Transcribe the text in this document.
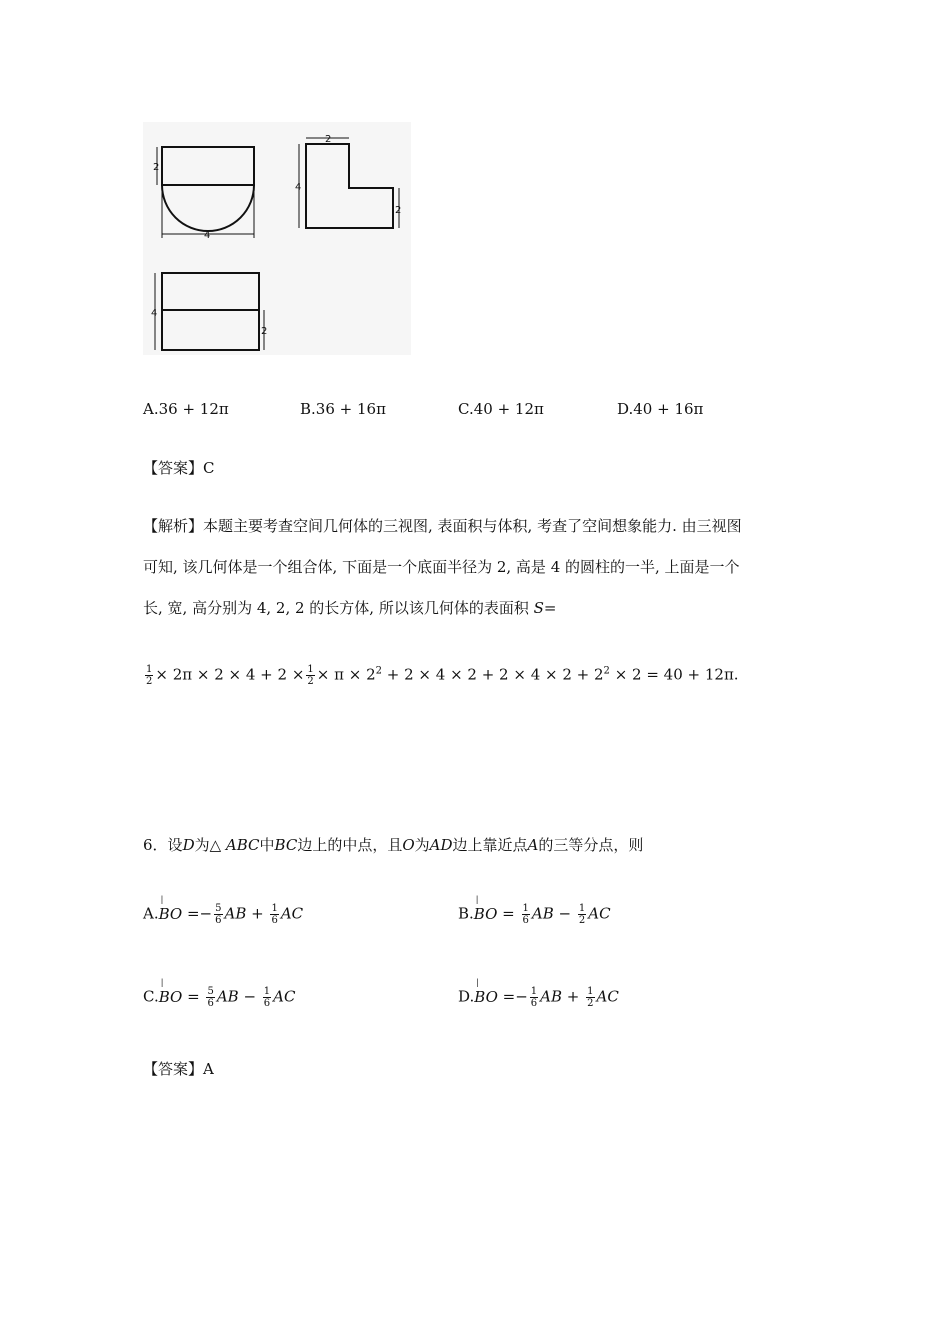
2
4
2
4
2
4
2
A.36 + 12π	B.36 + 16π	C.40 + 12π	D.40 + 16π
【答案】C
【解析】本题主要考查空间几何体的三视图, 表面积与体积, 考查了空间想象能力. 由三视图
可知, 该几何体是一个组合体, 下面是一个底面半径为 2, 高是 4 的圆柱的一半, 上面是一个
长, 宽, 高分别为 4, 2, 2 的长方体, 所以该几何体的表面积 S=
$\frac{1}{2} \times 2\pi \times 2 \times 4 + 2 \times \frac{1}{2} \times \pi \times 2^2 + 2 \times 4 \times 2 + 2 \times 4 \times 2 + 2^2 \times 2 = 40 + 12\pi$.
6．设D为△ ABC中BC边上的中点，且O为AD边上靠近点A的三等分点，则
A.| BO =− $\frac{5}{6}$ AB + $\frac{1}{6}$ AC	B.| BO = $\frac{1}{6}$ AB − $\frac{1}{2}$ AC
C.| BO = $\frac{5}{6}$ AB − $\frac{1}{6}$ AC	D.| BO =− $\frac{1}{6}$ AB + $\frac{1}{2}$ AC
【答案】A
